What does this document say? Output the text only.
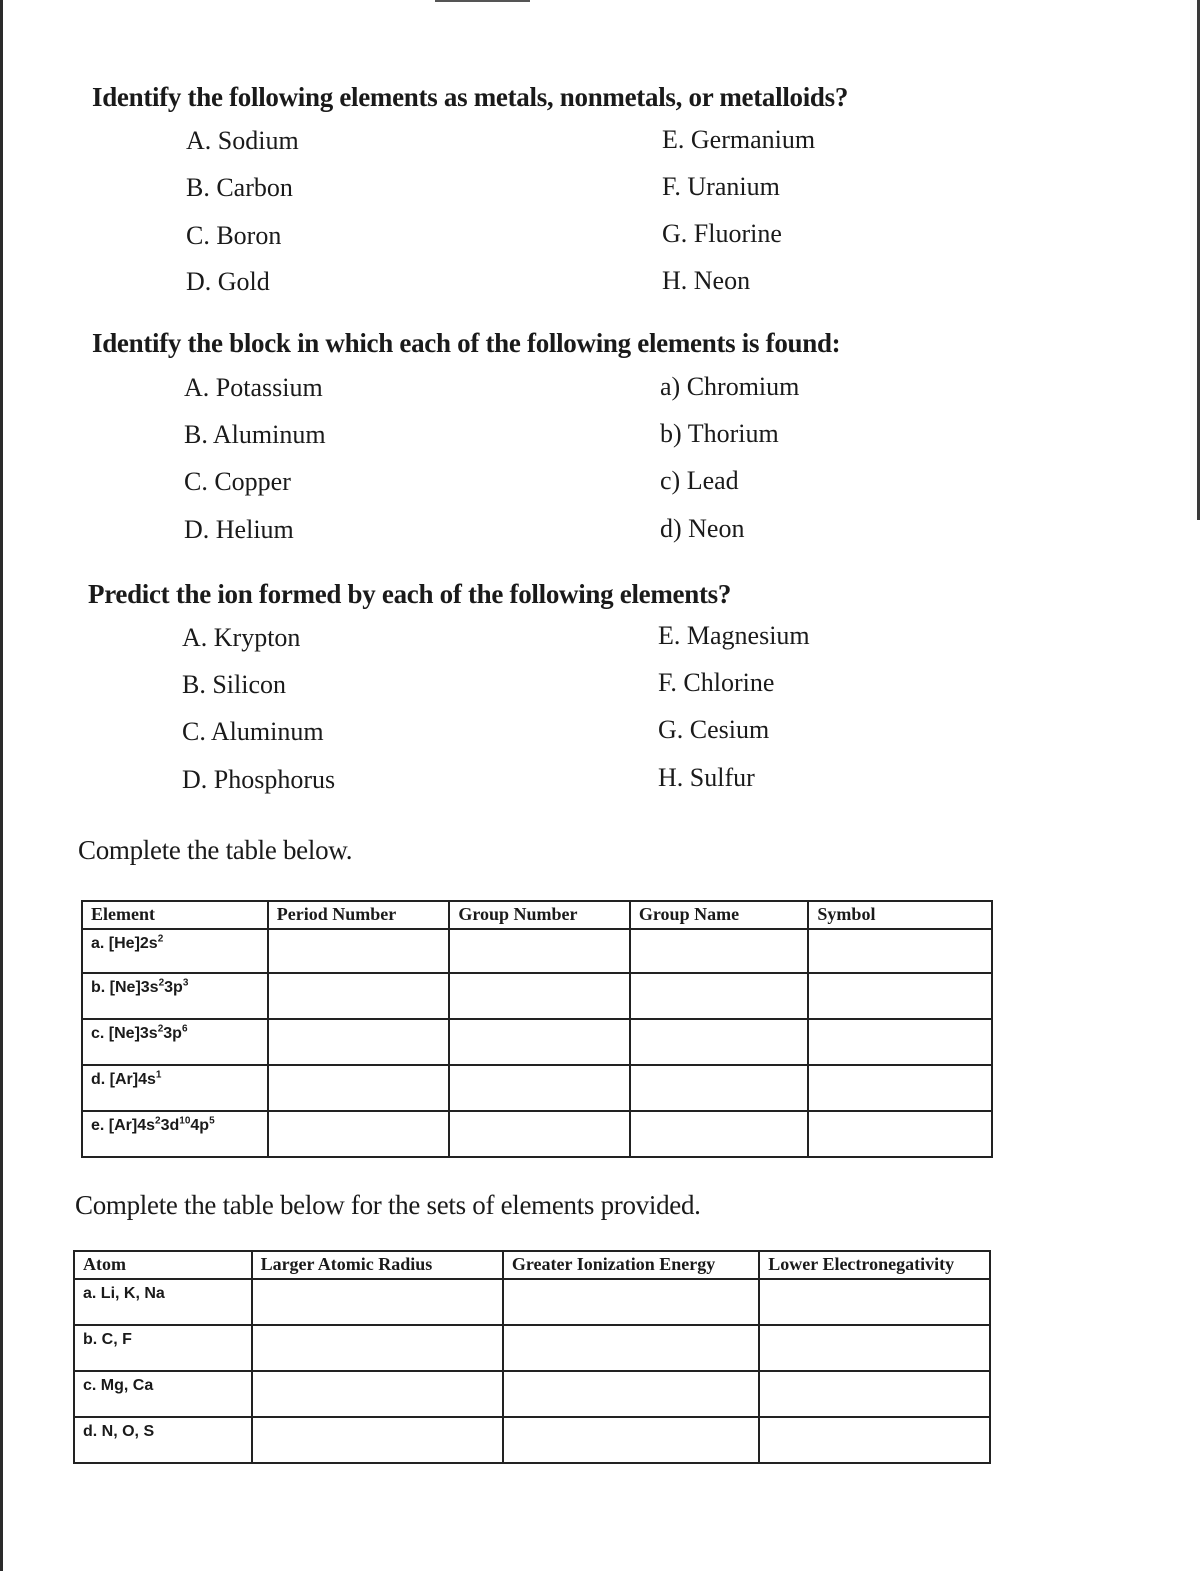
Identify the following elements as metals, nonmetals, or metalloids?
A. Sodium
B. Carbon
C. Boron
D. Gold
E. Germanium
F. Uranium
G. Fluorine
H. Neon
Identify the block in which each of the following elements is found:
A. Potassium
B. Aluminum
C. Copper
D. Helium
a) Chromium
b) Thorium
c) Lead
d) Neon
Predict the ion formed by each of the following elements?
A. Krypton
B. Silicon
C. Aluminum
D. Phosphorus
E. Magnesium
F. Chlorine
G. Cesium
H. Sulfur
Complete the table below.
Element	Period Number	Group Number	Group Name	Symbol
a. $[He]2s^2$				
b. $[Ne]3s^23p^3$				
c. $[Ne]3s^23p^6$				
d. $[Ar]4s^1$				
e. $[Ar]4s^23d^{10}4p^5$				
Complete the table below for the sets of elements provided.
Atom	Larger Atomic Radius	Greater Ionization Energy	Lower Electronegativity
a. Li, K, Na			
b. C, F			
c. Mg, Ca			
d. N, O, S			
